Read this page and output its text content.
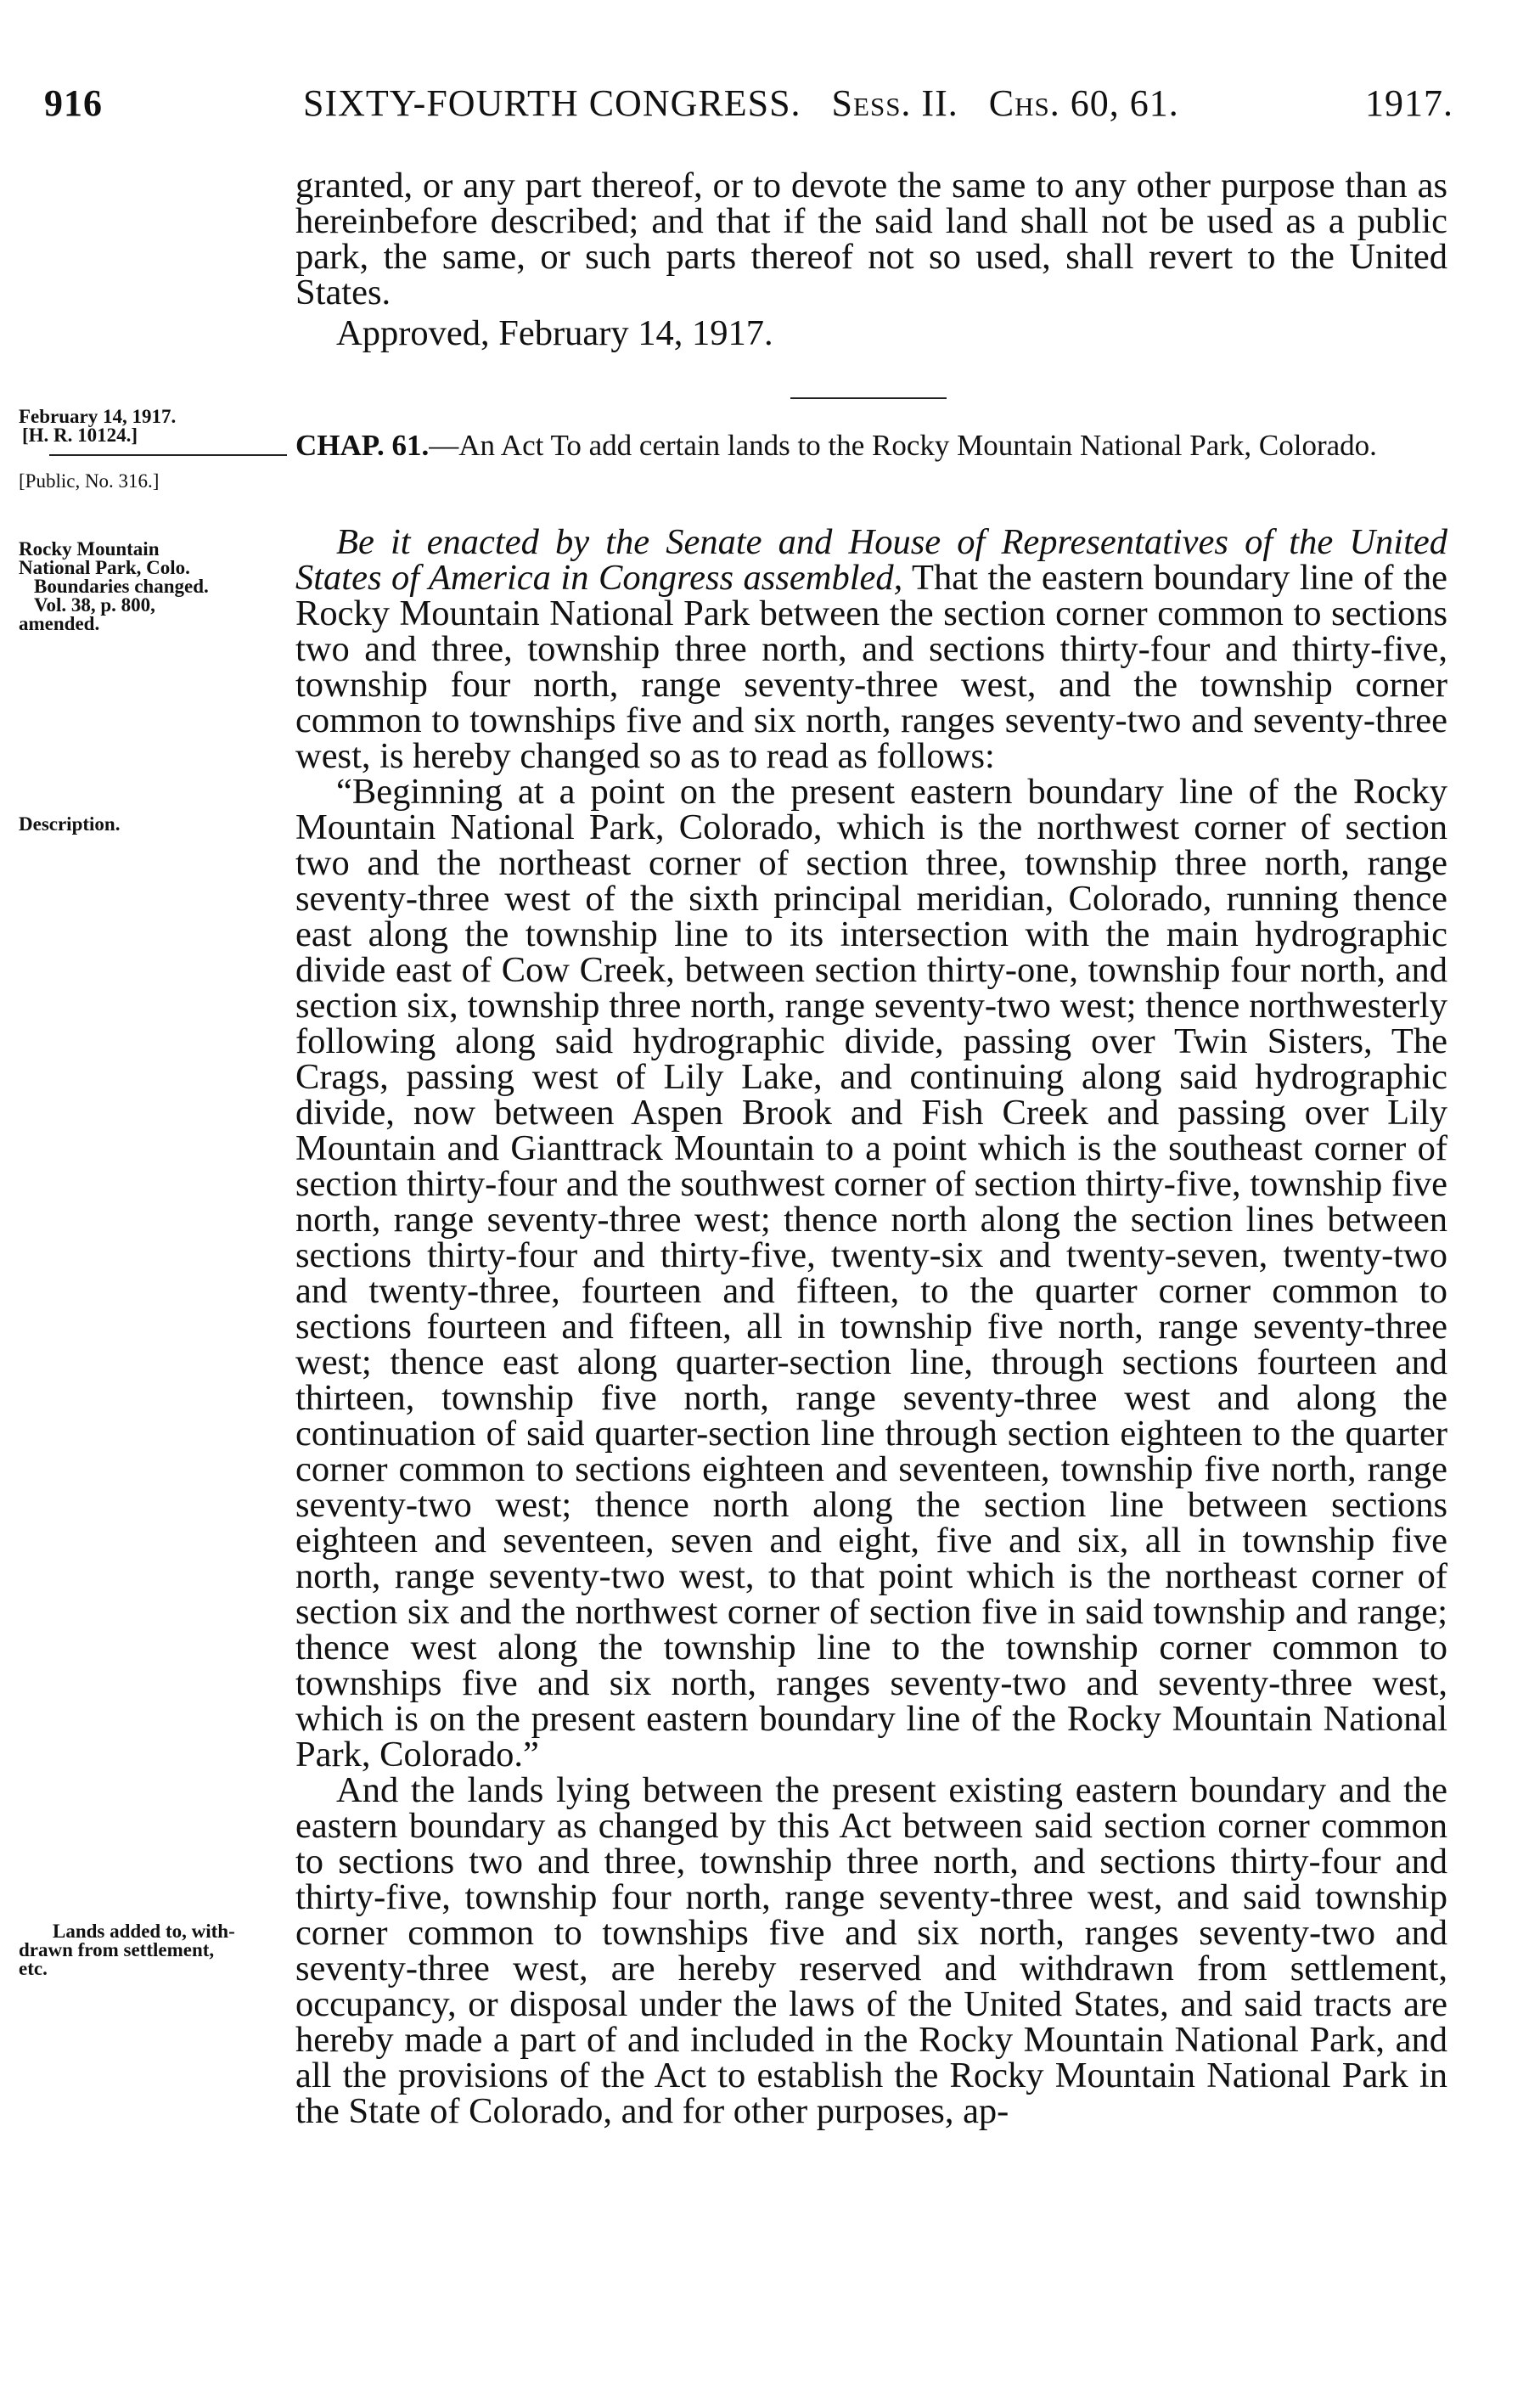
916	SIXTY-FOURTH CONGRESS. Sess. II. Chs. 60, 61.	1917.

granted, or any part thereof, or to devote the same to any other purpose than as hereinbefore described; and that if the said land shall not be used as a public park, the same, or such parts thereof not so used, shall revert to the United States.

Approved, February 14, 1917.

February 14, 1917.
[H. R. 10124.]
[Public, No. 316.]
Rocky Mountain
National Park, Colo.
Boundaries changed.
Vol. 38, p. 800,
amended.
Description.
Lands added to, with-
drawn from settlement,
etc.
CHAP. 61.—An Act To add certain lands to the Rocky Mountain National Park, Colorado.

Be it enacted by the Senate and House of Representatives of the United States of America in Congress assembled, That the eastern boundary line of the Rocky Mountain National Park between the section corner common to sections two and three, township three north, and sections thirty-four and thirty-five, township four north, range seventy-three west, and the township corner common to townships five and six north, ranges seventy-two and seventy-three west, is hereby changed so as to read as follows:

“Beginning at a point on the present eastern boundary line of the Rocky Mountain National Park, Colorado, which is the northwest corner of section two and the northeast corner of section three, township three north, range seventy-three west of the sixth principal meridian, Colorado, running thence east along the township line to its intersection with the main hydrographic divide east of Cow Creek, between section thirty-one, township four north, and section six, township three north, range seventy-two west; thence northwesterly following along said hydrographic divide, passing over Twin Sisters, The Crags, passing west of Lily Lake, and continuing along said hydrographic divide, now between Aspen Brook and Fish Creek and passing over Lily Mountain and Gianttrack Mountain to a point which is the southeast corner of section thirty-four and the southwest corner of section thirty-five, township five north, range seventy-three west; thence north along the section lines between sections thirty-four and thirty-five, twenty-six and twenty-seven, twenty-two and twenty-three, fourteen and fifteen, to the quarter corner common to sections fourteen and fifteen, all in township five north, range seventy-three west; thence east along quarter-section line, through sections fourteen and thirteen, township five north, range seventy-three west and along the continuation of said quarter-section line through section eighteen to the quarter corner common to sections eighteen and seventeen, township five north, range seventy-two west; thence north along the section line between sections eighteen and seventeen, seven and eight, five and six, all in township five north, range seventy-two west, to that point which is the northeast corner of section six and the northwest corner of section five in said township and range; thence west along the township line to the township corner common to townships five and six north, ranges seventy-two and seventy-three west, which is on the present eastern boundary line of the Rocky Mountain National Park, Colorado.”

And the lands lying between the present existing eastern boundary and the eastern boundary as changed by this Act between said section corner common to sections two and three, township three north, and sections thirty-four and thirty-five, township four north, range seventy-three west, and said township corner common to townships five and six north, ranges seventy-two and seventy-three west, are hereby reserved and withdrawn from settlement, occupancy, or disposal under the laws of the United States, and said tracts are hereby made a part of and included in the Rocky Mountain National Park, and all the provisions of the Act to establish the Rocky Mountain National Park in the State of Colorado, and for other purposes, ap-
